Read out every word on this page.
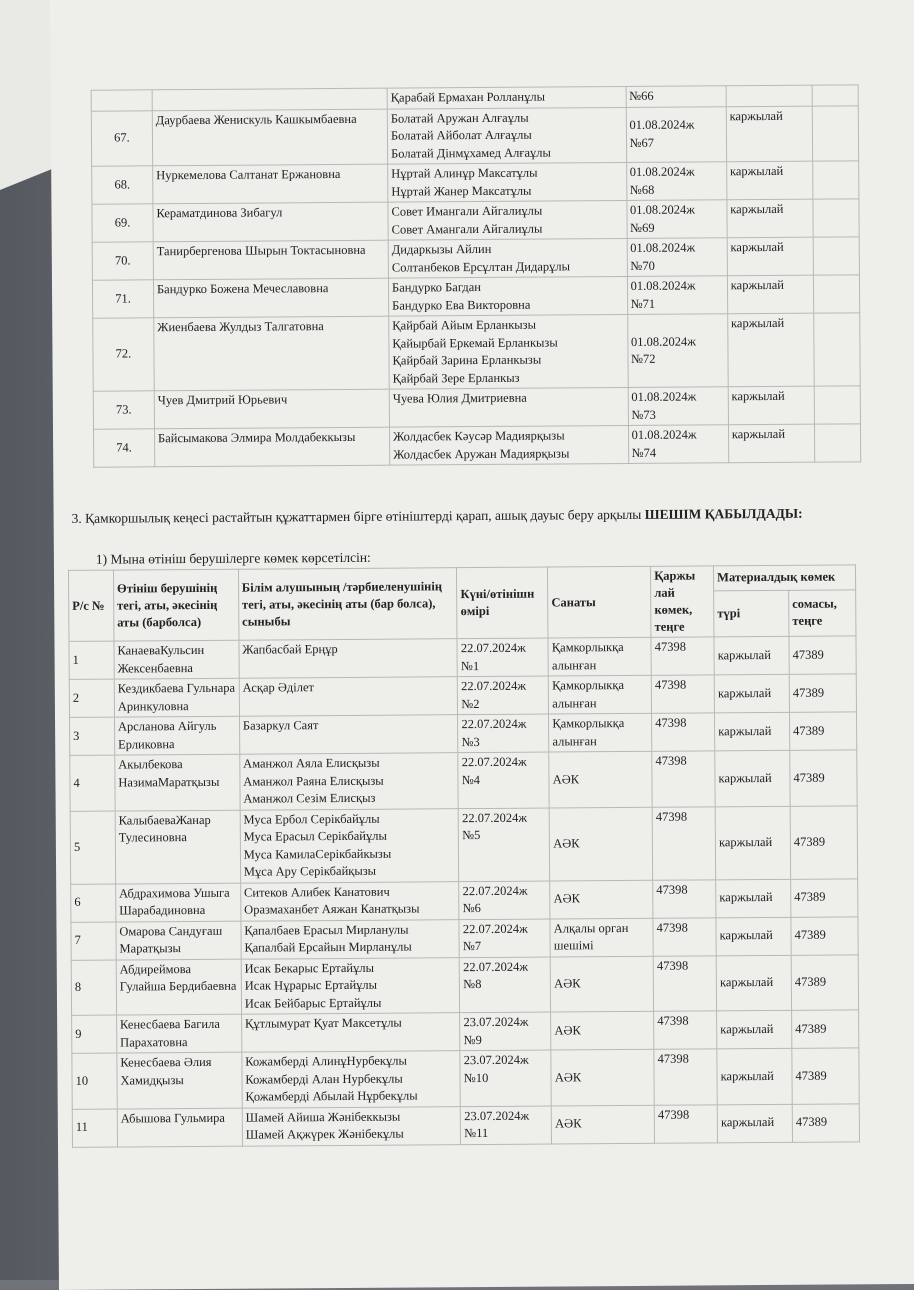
		Қарабай Ермахан Ролланұлы	№66		

67.	Даурбаева Женискуль Кашкымбаевна	Болатай Аружан Алғаұлы
Болатай Айболат Алғаұлы
Болатай Дінмұхамед Алғаұлы	01.08.2024ж
№67	каржылай	
68.	Нуркемелова Салтанат Ержановна	Нұртай Алинұр Максатұлы
Нұртай Жанер Максатұлы	01.08.2024ж
№68	каржылай	
69.	Кераматдинова Зибагул	Совет Имангали Айгалиұлы
Совет Амангали Айгалиұлы	01.08.2024ж
№69	каржылай	
70.	Танирбергенова Шырын Токтасыновна	Дидаркызы Айлин
Солтанбеков Ерсұлтан Дидарұлы	01.08.2024ж
№70	каржылай	
71.	Бандурко Божена Мечеславовна	Бандурко Багдан
Бандурко Ева Викторовна	01.08.2024ж
№71	каржылай	
72.	Жиенбаева Жулдыз Талгатовна	Қайрбай Айым Ерланкызы
Қайырбай Еркемай Ерланкызы
Қайрбай Зарина Ерланкызы
Қайрбай Зере Ерланкыз	01.08.2024ж
№72	каржылай	
73.	Чуев Дмитрий Юрьевич	Чуева Юлия Дмитриевна	01.08.2024ж
№73	каржылай	
74.	Байсымакова Элмира Молдабеккызы	Жолдасбек Кәусәр Мадиярқызы
Жолдасбек Аружан Мадиярқызы	01.08.2024ж
№74	каржылай	
3. Қамкоршылық кеңесі растайтын құжаттармен бірге өтініштерді қарап, ашық дауыс беру арқылы ШЕШІМ ҚАБЫЛДАДЫ:
1) Мына өтініш берушілерге көмек көрсетілсін:
Р/с №	Өтініш берушінің тегі, аты, әкесінің аты (барболса)	Білім алушының /тәрбиеленушінің тегі, аты, әкесінің аты (бар болса), сыныбы	Күні/өтінішн өмірі	Санаты	Қаржы лай көмек, теңге	Материалдық көмек	
						түрі	сомасы, теңге
1	КанаеваКульсин Жексенбаевна	Жапбасбай Ерңұр	22.07.2024ж
№1	Қамкорлыкқа алынған	47398	каржылай	47389
2	Кездикбаева Гульнара Аринкуловна	Асқар Әділет	22.07.2024ж
№2	Қамкорлыкқа алынған	47398	каржылай	47389
3	Арсланова Айгуль Ерликовна	Базаркул Саят	22.07.2024ж
№3	Қамкорлыкқа алынған	47398	каржылай	47389
4	Акылбекова НазимаМаратқызы	Аманжол Аяла Елисқызы
Аманжол Раяна Елисқызы
Аманжол Сезім Елисқыз	22.07.2024ж
№4	АӘК	47398	каржылай	47389
5	КалыбаеваЖанар Тулесиновна	Муса Ербол Серікбайұлы
Муса Ерасыл Серікбайұлы
Муса КамилаСерікбайкызы
Мұса Ару Серікбайқызы	22.07.2024ж
№5	АӘК	47398	каржылай	47389
6	Абдрахимова Ушыга Шарабадиновна	Ситеков Алибек Канатович
Оразмаханбет Аяжан Канатқызы	22.07.2024ж
№6	АӘК	47398	каржылай	47389
7	Омарова Сандуғаш Маратқызы	Қапалбаев Ерасыл Мирланулы
Қапалбай Ерсайын Мирланұлы	22.07.2024ж
№7	Алқалы орган шешімі	47398	каржылай	47389
8	Абдиреймова Гулайша Бердибаевна	Исак Бекарыс Ертайұлы
Исак Нұрарыс Ертайұлы
Исак Бейбарыс Ертайұлы	22.07.2024ж
№8	АӘК	47398	каржылай	47389
9	Кенесбаева Багила Парахатовна	Құтлымурат Қуат Максетұлы	23.07.2024ж
№9	АӘК	47398	каржылай	47389
10	Кенесбаева Әлия Хамидқызы	Кожамберді АлинұНурбекұлы
Кожамберді Алан Нурбекұлы
Қожамберді Абылай Нұрбекұлы	23.07.2024ж
№10	АӘК	47398	каржылай	47389
11	Абышова Гульмира	Шамей Айиша Жәнібеккызы
Шамей Ақжүрек Жәнібекұлы	23.07.2024ж
№11	АӘК	47398	каржылай	47389
